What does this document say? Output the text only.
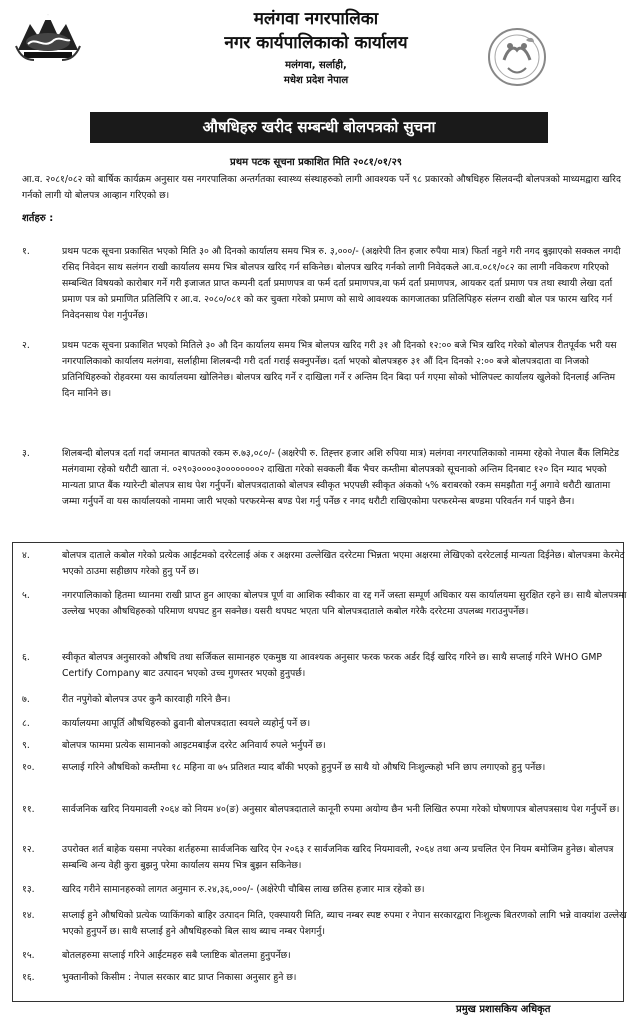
मलंगवा नगरपालिका
नगर कार्यपालिकाको कार्यालय
मलंगवा, सर्लाही,
मधेश प्रदेश नेपाल
औषधिहरु खरीद सम्बन्धी बोलपत्रको सुचना
प्रथम पटक सूचना प्रकाशित मिति २०८१/०१/२९
आ.व. २०८१/०८२ को बार्षिक कार्यक्रम अनुसार यस नगरपालिका अन्तर्गतका स्वास्थ्य संस्थाहरुको लागी आवश्यक पर्ने ९८ प्रकारको औषधिहरु सिलवन्दी बोलपत्रको माध्यमद्वारा खरिद गर्नको लागी यो बोलपत्र आव्हान गरिएको छ।
शर्तहरु :
१.	प्रथम पटक सूचना प्रकासित भएको मिति ३० औ दिनको कार्यालय समय भित्र रु. ३,०००/- (अक्षरेपी तिन हजार रुपैया मात्र) फिर्ता नहुने गरी नगद बुझाएको सक्कल नगदी रसिद निवेदन साथ सलंगन राखी कार्यालय समय भित्र बोलपत्र खरिद गर्न सकिनेछ। बोलपत्र खरिद गर्नको लागी निवेदकले आ.व.०८१/०८२ का लागी नविकरण गरिएको सम्बन्धित विषयको कारोबार गर्ने गरी इजाजत प्राप्त कम्पनी दर्ता प्रमाणपत्र वा फर्म दर्ता प्रमाणपत्र,वा फर्म दर्ता प्रमाणपत्र, आयकर दर्ता प्रमाण पत्र तथा स्थायी लेखा दर्ता प्रमाण पत्र को प्रमाणित प्रतिलिपि र आ.व. २०८०/०८१ को कर चुक्ता गरेको प्रमाण को साथे आवश्यक कागजातका प्रतिलिपिहरु संलग्न राखी बोल पत्र फारम खरिद गर्न निवेदनसाथ पेश गर्नुपर्नेछ।
२.	प्रथम पटक सूचना प्रकाशित भएको मितिले ३० औ दिन कार्यालय समय भित्र बोलपत्र खरिद गरी ३१ औ दिनको १२:०० बजे भित्र खरिद गरेको बोलपत्र रीतपूर्वक भरी यस नगरपालिकाको कार्यालय मलंगवा, सर्लाहीमा शिलबन्दी गरी दर्ता गराई सक्नुपर्नेछ। दर्ता भएको बोलपत्रहरु ३१ औं दिन दिनको २:०० बजे बोलपत्रदाता वा निजको प्रतिनिधिहरुको रोहवरमा यस कार्यालयमा खोलिनेछ। बोलपत्र खरिद गर्ने र दाखिला गर्ने र अन्तिम दिन बिदा पर्न गएमा सोको भोलिपल्ट कार्यालय खुलेको दिनलाई अन्तिम दिन मानिने छ।
३.	शिलबन्दी बोलपत्र दर्ता गर्दा जमानत बापतको रकम रु.७३,०८०/- (अक्षरेपी रु. तिह्त्तर हजार अशि रुपिया मात्र) मलंगवा नगरपालिकाको नाममा रहेको नेपाल बैंक लिमिटेड मलंगवामा रहेको धरौटी खाता नं. ०२९०३००००३००००००००२ दाखिता गरेको सक्कली बैंक भैचर कम्तीमा बोलपत्रको सूचनाको अन्तिम दिनबाट १२० दिन म्याद भएको मान्यता प्राप्त बैंक ग्यारेन्टी बोलपत्र साथ पेश गर्नुपर्ने। बोलपत्रदाताको बोलपत्र स्वीकृत भएपछी स्वीकृत अंकको ५% बराबरको रकम समझौता गर्नु अगावे धरौटी खातामा जम्मा गर्नुपर्ने वा यस कार्यालयको नाममा जारी भएको परफरमेन्स बण्ड पेश गर्नु पर्नेछ र नगद धरौटी राखिएकोमा परफरमेन्स बण्डमा परिवर्तन गर्न पाइने छैन।
४.	बोलपत्र दाताले कबोल गरेको प्रत्येक आईटमको दररेटलाई अंक र अक्षरमा उल्लेखित दररेटमा भिन्नता भएमा अक्षरमा लेखिएको दररेटलाई मान्यता दिईनेछ। बोलपत्रमा केरमेट भएको ठाउमा सहीछाप गरेको हुनु पर्ने छ।
५.	नगरपालिकाको हितमा ध्यानमा राखी प्राप्त हुन आएका बोलपत्र पूर्ण वा आशिक स्वीकार वा रद्द गर्ने जस्ता सम्पूर्ण अधिकार यस कार्यालयमा सुरक्षित रहने छ। साथै बोलपत्रमा उल्लेख भएका औषधिहरुको परिमाण थपघट हुन सक्नेछ। यसरी थपघट भएता पनि बोलपत्रदाताले कबोल गरेकै दररेटमा उपलब्ध गराउनुपर्नेछ।
६.	स्वीकृत बोलपत्र अनुसारको औषधि तथा सर्जिकल सामानहरु एकमुष्ठ या आवश्यक अनुसार फरक फरक अर्डर दिई खरिद गरिने छ। साथै सप्लाई गरिने WHO GMP Certify Company बाट उत्पादन भएको उच्च गुणस्तर भएको हुनुपर्छ।
७.	रीत नपुगेको बोलपत्र उपर कुनै कारवाही गरिने छैन।
८.	कार्यालयमा आपूर्ति औषधिहरुको ढुवानी बोलपत्रदाता स्वयले व्यहोर्नु पर्ने छ।
९.	बोलपत्र फाममा प्रत्येक सामानको आइटमबाईज दररेट अनिवार्य रुपले भर्नुपर्ने छ।
१०.	सप्लाई गरिने औषधिको कम्तीमा १८ महिना वा ७५ प्रतिशत म्याद बाँकी भएको हुनुपर्ने छ साथै यो औषधि निःशुल्कहो भनि छाप लगाएको हुनु पर्नेछ।
११.	सार्वजनिक खरिद नियमावली २०६४ को नियम ४०(ङ) अनुसार बोलपत्रदाताले कानूनी रुपमा अयोग्य छैन भनी लिखित रुपमा गरेको घोषणापत्र बोलपत्रसाथ पेश गर्नुपर्ने छ।
१२.	उपरोक्त शर्त बाहेक यसमा नपरेका शर्तहरुमा सार्वजनिक खरिद ऐन २०६३ र सार्वजनिक खरिद नियमावली, २०६४ तथा अन्य प्रचलित ऐन नियम बमोजिम हुनेछ। बोलपत्र सम्बन्धि अन्य वेही कुरा बुझनु परेमा कार्यालय समय भित्र बुझन सकिनेछ।
१३.	खरिद गरीने सामानहरुको लागत अनुमान रु.२४,३६,०००/- (अक्षेरेपी चौबिस लाख छतिस हजार मात्र रहेको छ।
१४.	सप्लाई हुने औषधिको प्रत्येक प्याकिंगको बाहिर उत्पादन मिति, एक्स्पायरी मिति, ब्याच नम्बर स्पष्ट रुपमा र नेपान सरकारद्वारा निःशुल्क बितरणको लागि भन्ने वाक्यांश उल्लेख भएको हुनुपर्ने छ। साथै सप्लाई हुने औषधिहरुको बिल साथ ब्याच नम्बर पेशगर्नु।
१५.	बोतलहरुमा सप्लाई गरिने आईटमहरु सबै प्लाष्टिक बोतलमा हुनुपर्नेछ।
१६.	भुक्तानीको किसीम : नेपाल सरकार बाट प्राप्त निकासा अनुसार हुने छ।
प्रमुख प्रशासकिय अधिकृत
